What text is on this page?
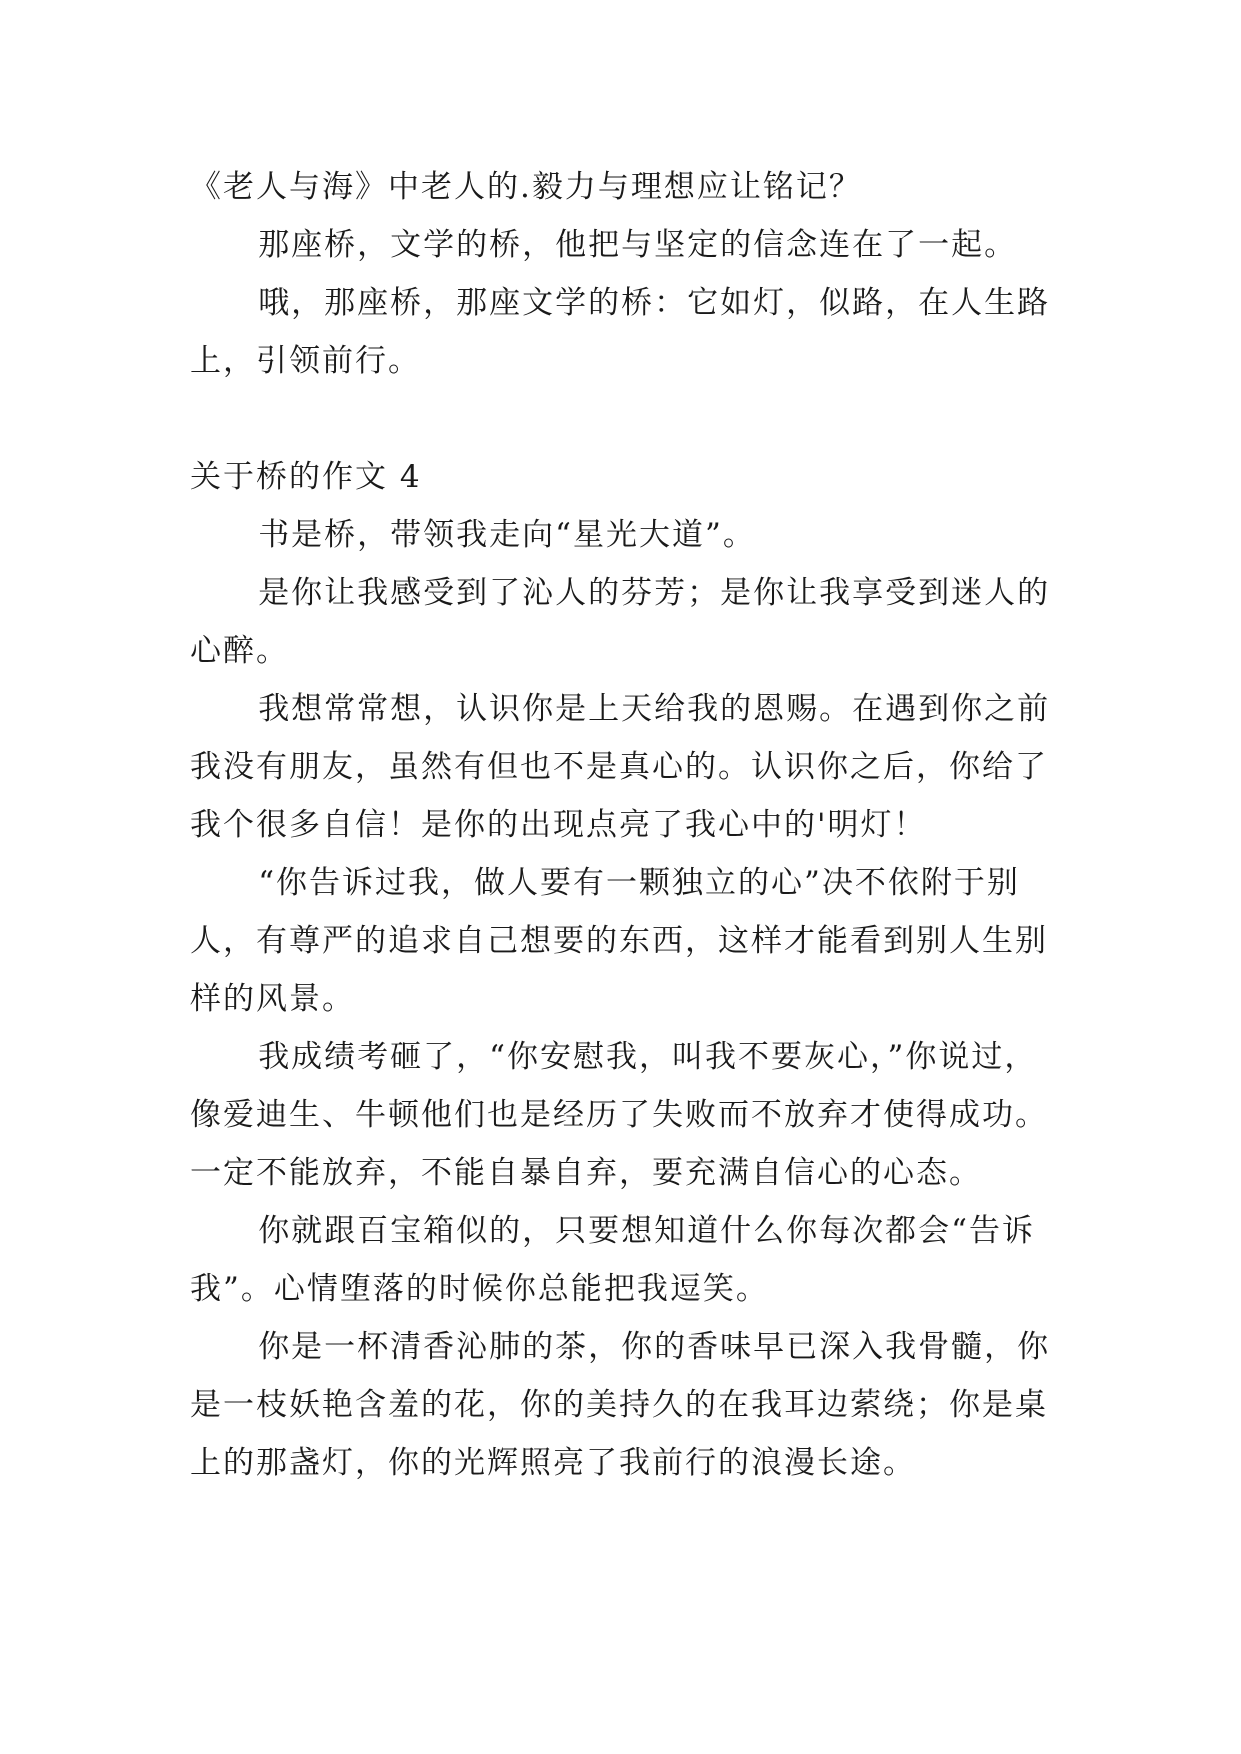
《老人与海》中老人的.毅力与理想应让铭记？

那座桥，文学的桥，他把与坚定的信念连在了一起。

哦，那座桥，那座文学的桥：它如灯，似路，在人生路上，引领前行。

关于桥的作文 4

书是桥，带领我走向“星光大道”。

是你让我感受到了沁人的芬芳；是你让我享受到迷人的心醉。

我想常常想，认识你是上天给我的恩赐。在遇到你之前我没有朋友，虽然有但也不是真心的。认识你之后，你给了我个很多自信！是你的出现点亮了我心中的'明灯！

“你告诉过我，做人要有一颗独立的心”决不依附于别人，有尊严的追求自己想要的东西，这样才能看到别人生别样的风景。

我成绩考砸了，“你安慰我，叫我不要灰心，”你说过，像爱迪生、牛顿他们也是经历了失败而不放弃才使得成功。一定不能放弃，不能自暴自弃，要充满自信心的心态。

你就跟百宝箱似的，只要想知道什么你每次都会“告诉我”。心情堕落的时候你总能把我逗笑。

你是一杯清香沁肺的茶，你的香味早已深入我骨髓，你是一枝妖艳含羞的花，你的美持久的在我耳边萦绕；你是桌上的那盏灯，你的光辉照亮了我前行的浪漫长途。
